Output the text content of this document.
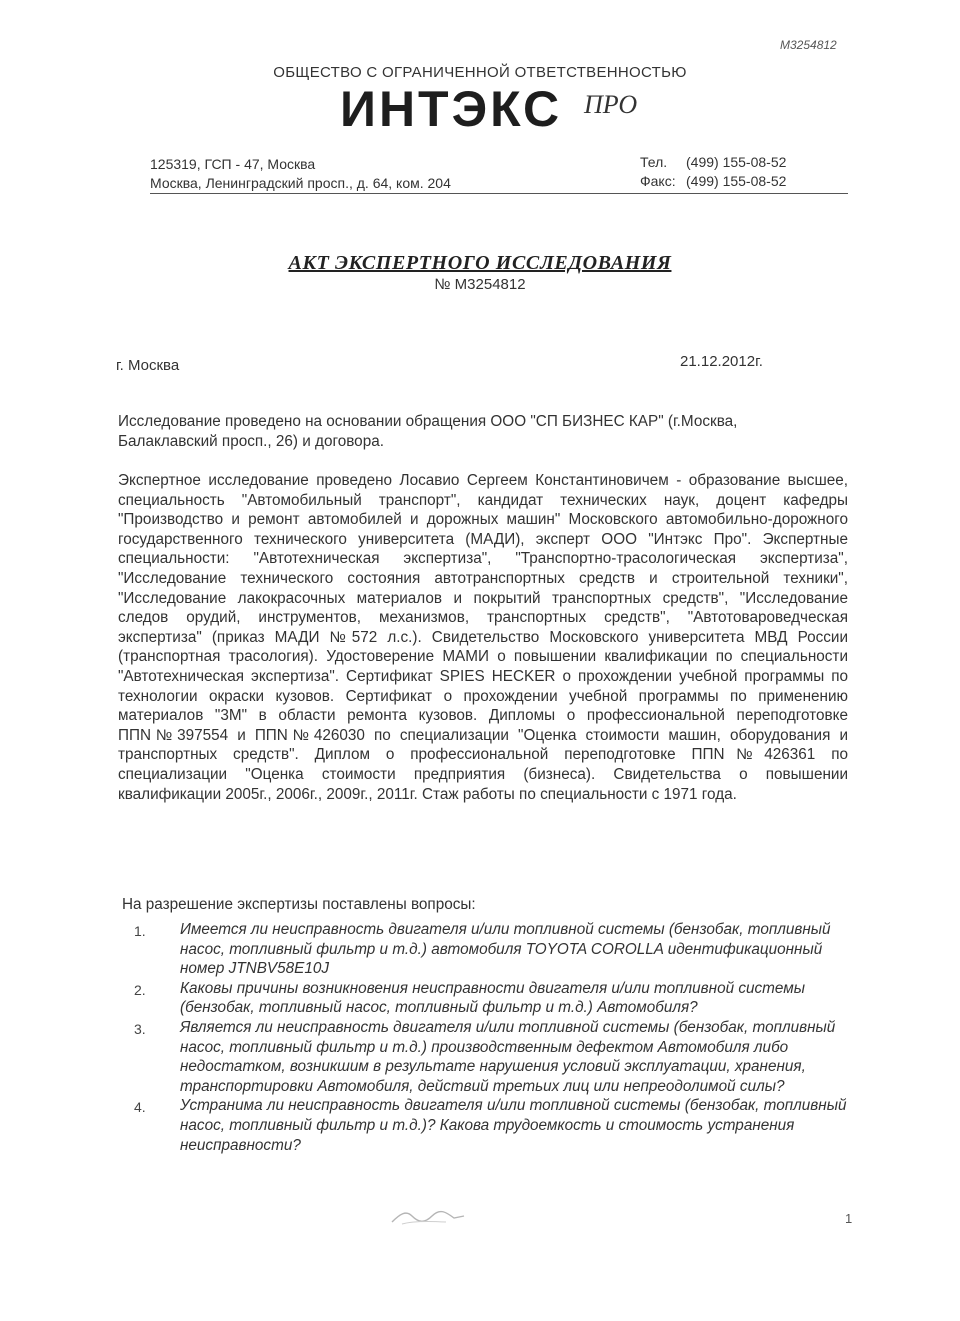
М3254812
ОБЩЕСТВО С ОГРАНИЧЕННОЙ ОТВЕТСТВЕННОСТЬЮ
ИНТЭКС ПРО
125319, ГСП - 47, Москва
Москва, Ленинградский просп., д. 64, ком. 204
Тел. (499) 155-08-52
Факс: (499) 155-08-52
АКТ ЭКСПЕРТНОГО ИССЛЕДОВАНИЯ
№ М3254812
г. Москва	21.12.2012г.
Исследование проведено на основании обращения ООО "СП БИЗНЕС КАР" (г.Москва, Балаклавский просп., 26) и договора.
Экспертное исследование проведено Лосавио Сергеем Константиновичем - образование высшее, специальность "Автомобильный транспорт", кандидат технических наук, доцент кафедры "Производство и ремонт автомобилей и дорожных машин" Московского автомобильно-дорожного государственного технического университета (МАДИ), эксперт ООО "Интэкс Про". Экспертные специальности: "Автотехническая экспертиза", "Транспортно-трасологическая экспертиза", "Исследование технического состояния автотранспортных средств и строительной техники", "Исследование лакокрасочных материалов и покрытий транспортных средств", "Исследование следов орудий, инструментов, механизмов, транспортных средств", "Автотовароведческая экспертиза" (приказ МАДИ №572 л.с.). Свидетельство Московского университета МВД России (транспортная трасология). Удостоверение МАМИ о повышении квалификации по специальности "Автотехническая экспертиза". Сертификат SPIES HECKER о прохождении учебной программы по технологии окраски кузовов. Сертификат о прохождении учебной программы по применению материалов "3М" в области ремонта кузовов. Дипломы о профессиональной переподготовке ППN№397554 и ППN№426030 по специализации "Оценка стоимости машин, оборудования и транспортных средств". Диплом о профессиональной переподготовке ППN№426361 по специализации "Оценка стоимости предприятия (бизнеса). Свидетельства о повышении квалификации 2005г., 2006г., 2009г., 2011г. Стаж работы по специальности с 1971 года.
На разрешение экспертизы поставлены вопросы:
1. Имеется ли неисправность двигателя и/или топливной системы (бензобак, топливный насос, топливный фильтр и т.д.) автомобиля TOYOTA COROLLA идентификационный номер JTNBV58E10J
2. Каковы причины возникновения неисправности двигателя и/или топливной системы (бензобак, топливный насос, топливный фильтр и т.д.) Автомобиля?
3. Является ли неисправность двигателя и/или топливной системы (бензобак, топливный насос, топливный фильтр и т.д.) производственным дефектом Автомобиля либо недостатком, возникшим в результате нарушения условий эксплуатации, хранения, транспортировки Автомобиля, действий третьих лиц или непреодолимой силы?
4. Устранима ли неисправность двигателя и/или топливной системы (бензобак, топливный насос, топливный фильтр и т.д.)? Какова трудоемкость и стоимость устранения неисправности?
1
